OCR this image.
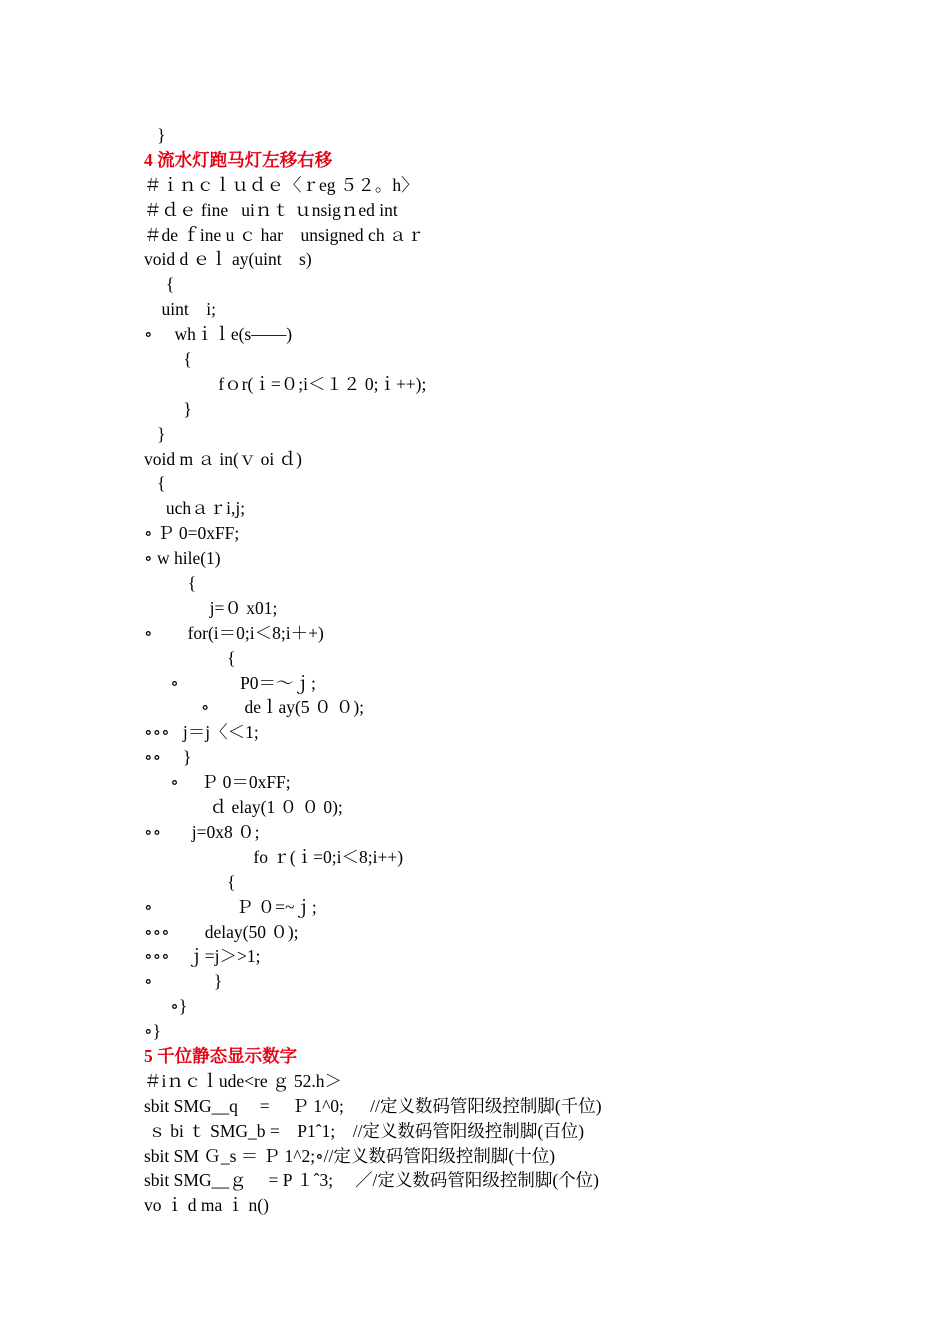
}
4 流水灯跑马灯左移右移
＃ｉｎｃｌｕｄｅ〈ｒeg ５２。h〉
＃ｄｅ fine   uiｎｔ ｕnsigｎed int
＃de ｆine u ｃ har    unsigned ch ａｒ
void d ｅｌ ay(uint    s)
{
uint    i;
∘     whｉｌe(s——)
{
fｏr(ｉ=０;i＜１２ 0;ｉ++);
}
}
void m ａ in(ｖ oi ｄ)
{
uchａｒi,j;
∘ Ｐ 0=0xFF;
∘ w hile(1)
{
j=０ x01;
∘        for(i＝0;i＜8;i＋+)
{
∘              P0＝～ｊ;
∘        deｌay(5 ０ ０);
∘∘∘   j＝j〈＜1;
∘∘     }
∘     Ｐ 0＝0xFF;
ｄ elay(1 ０ ０ 0);
∘∘       j=0x8 ０;
fo ｒ(ｉ=0;i＜8;i++)
{
∘                   Ｐ ０=~ｊ;
∘∘∘        delay(50 ０);
∘∘∘    ｊ=j＞>1;
∘              }
∘}
∘}
5 千位静态显示数字
＃iｎｃｌude<re ｇ 52.h＞
sbit SMG__q     =     Ｐ 1^0;      //定义数码管阳级控制脚(千位)
ｓ bi ｔ SMG_b =    P1ˆ1;    //定义数码管阳级控制脚(百位)
sbit SM Ｇ_s ＝ Ｐ 1^2;∘//定义数码管阳级控制脚(十位)
sbit SMG__ｇ     = P １ˆ3;     ／/定义数码管阳级控制脚(个位)
vo ｉ d ma ｉ n()
